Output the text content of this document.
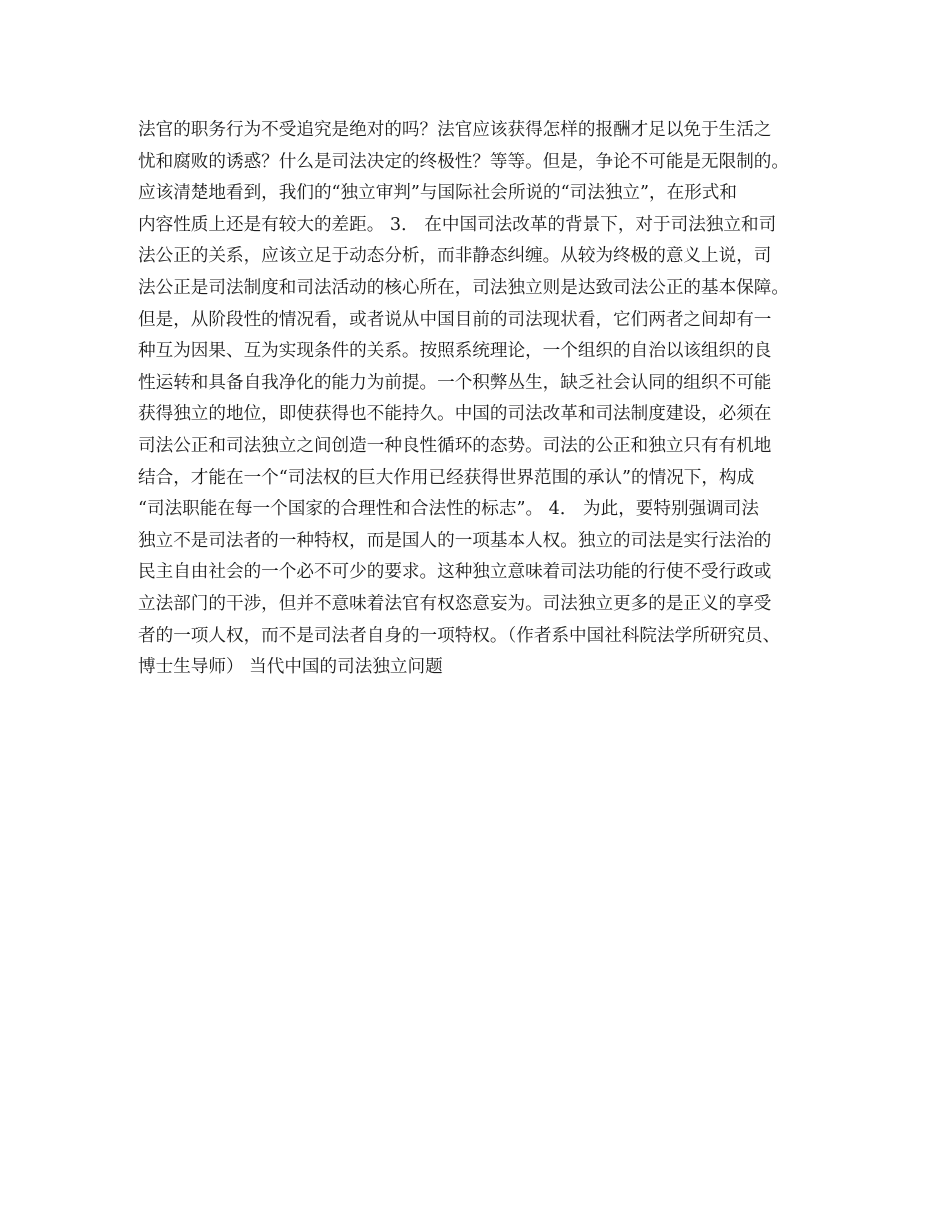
法官的职务行为不受追究是绝对的吗？法官应该获得怎样的报酬才足以免于生活之
忧和腐败的诱惑？什么是司法决定的终极性？等等。但是，争论不可能是无限制的。
应该清楚地看到，我们的“独立审判”与国际社会所说的“司法独立”，在形式和
内容性质上还是有较大的差距。 3． 在中国司法改革的背景下，对于司法独立和司
法公正的关系，应该立足于动态分析，而非静态纠缠。从较为终极的意义上说，司
法公正是司法制度和司法活动的核心所在，司法独立则是达致司法公正的基本保障。
但是，从阶段性的情况看，或者说从中国目前的司法现状看，它们两者之间却有一
种互为因果、互为实现条件的关系。按照系统理论，一个组织的自治以该组织的良
性运转和具备自我净化的能力为前提。一个积弊丛生，缺乏社会认同的组织不可能
获得独立的地位，即使获得也不能持久。中国的司法改革和司法制度建设，必须在
司法公正和司法独立之间创造一种良性循环的态势。司法的公正和独立只有有机地
结合，才能在一个“司法权的巨大作用已经获得世界范围的承认”的情况下，构成
“司法职能在每一个国家的合理性和合法性的标志”。 4． 为此，要特别强调司法
独立不是司法者的一种特权，而是国人的一项基本人权。独立的司法是实行法治的
民主自由社会的一个必不可少的要求。这种独立意味着司法功能的行使不受行政或
立法部门的干涉，但并不意味着法官有权恣意妄为。司法独立更多的是正义的享受
者的一项人权，而不是司法者自身的一项特权。（作者系中国社科院法学所研究员、
博士生导师） 当代中国的司法独立问题
